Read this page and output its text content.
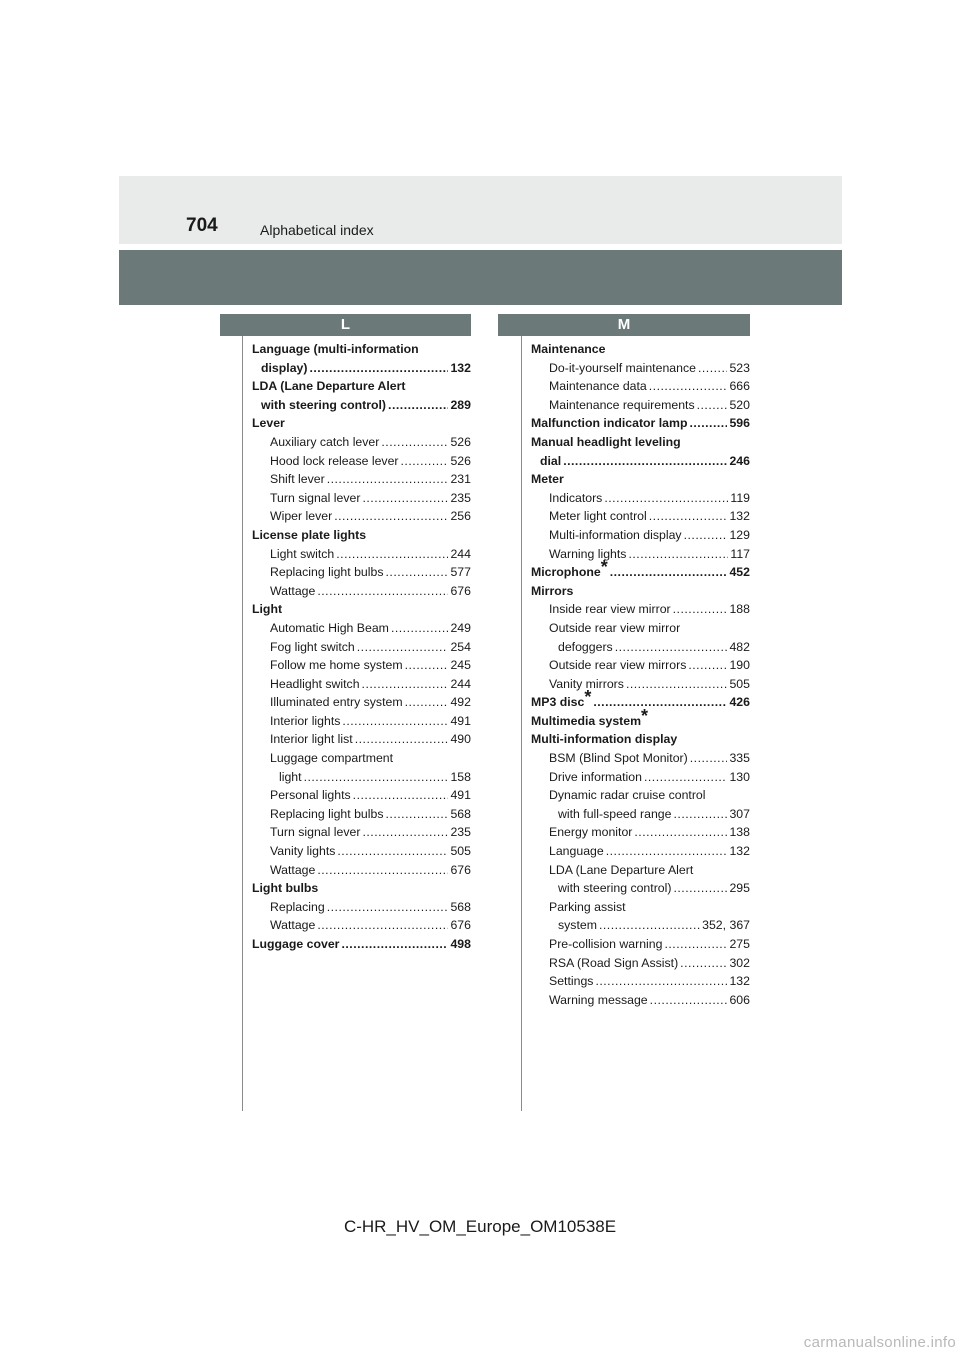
704	Alphabetical index
L	M
Language (multi-information
display) .....	132
LDA (Lane Departure Alert
with steering control) .....	289
Lever
Auxiliary catch lever .....	526
Hood lock release lever .....	526
Shift lever .....	231
Turn signal lever .....	235
Wiper lever .....	256
License plate lights
Light switch .....	244
Replacing light bulbs .....	577
Wattage .....	676
Light
Automatic High Beam .....	249
Fog light switch .....	254
Follow me home system .....	245
Headlight switch .....	244
Illuminated entry system .....	492
Interior lights .....	491
Interior light list .....	490
Luggage compartment
light .....	158
Personal lights .....	491
Replacing light bulbs .....	568
Turn signal lever .....	235
Vanity lights .....	505
Wattage .....	676
Light bulbs
Replacing .....	568
Wattage .....	676
Luggage cover .....	498
Maintenance
Do-it-yourself maintenance .....	523
Maintenance data .....	666
Maintenance requirements .....	520
Malfunction indicator lamp .....	596
Manual headlight leveling
dial .....	246
Meter
Indicators .....	119
Meter light control .....	132
Multi-information display .....	129
Warning lights .....	117
Microphone* .....	452
Mirrors
Inside rear view mirror .....	188
Outside rear view mirror
defoggers .....	482
Outside rear view mirrors .....	190
Vanity mirrors .....	505
MP3 disc* .....	426
Multimedia system*
Multi-information display
BSM (Blind Spot Monitor) .....	335
Drive information .....	130
Dynamic radar cruise control
with full-speed range .....	307
Energy monitor .....	138
Language .....	132
LDA (Lane Departure Alert
with steering control) .....	295
Parking assist
system .....	352, 367
Pre-collision warning .....	275
RSA (Road Sign Assist) .....	302
Settings .....	132
Warning message .....	606
C-HR_HV_OM_Europe_OM10538E
carmanualsonline.info
